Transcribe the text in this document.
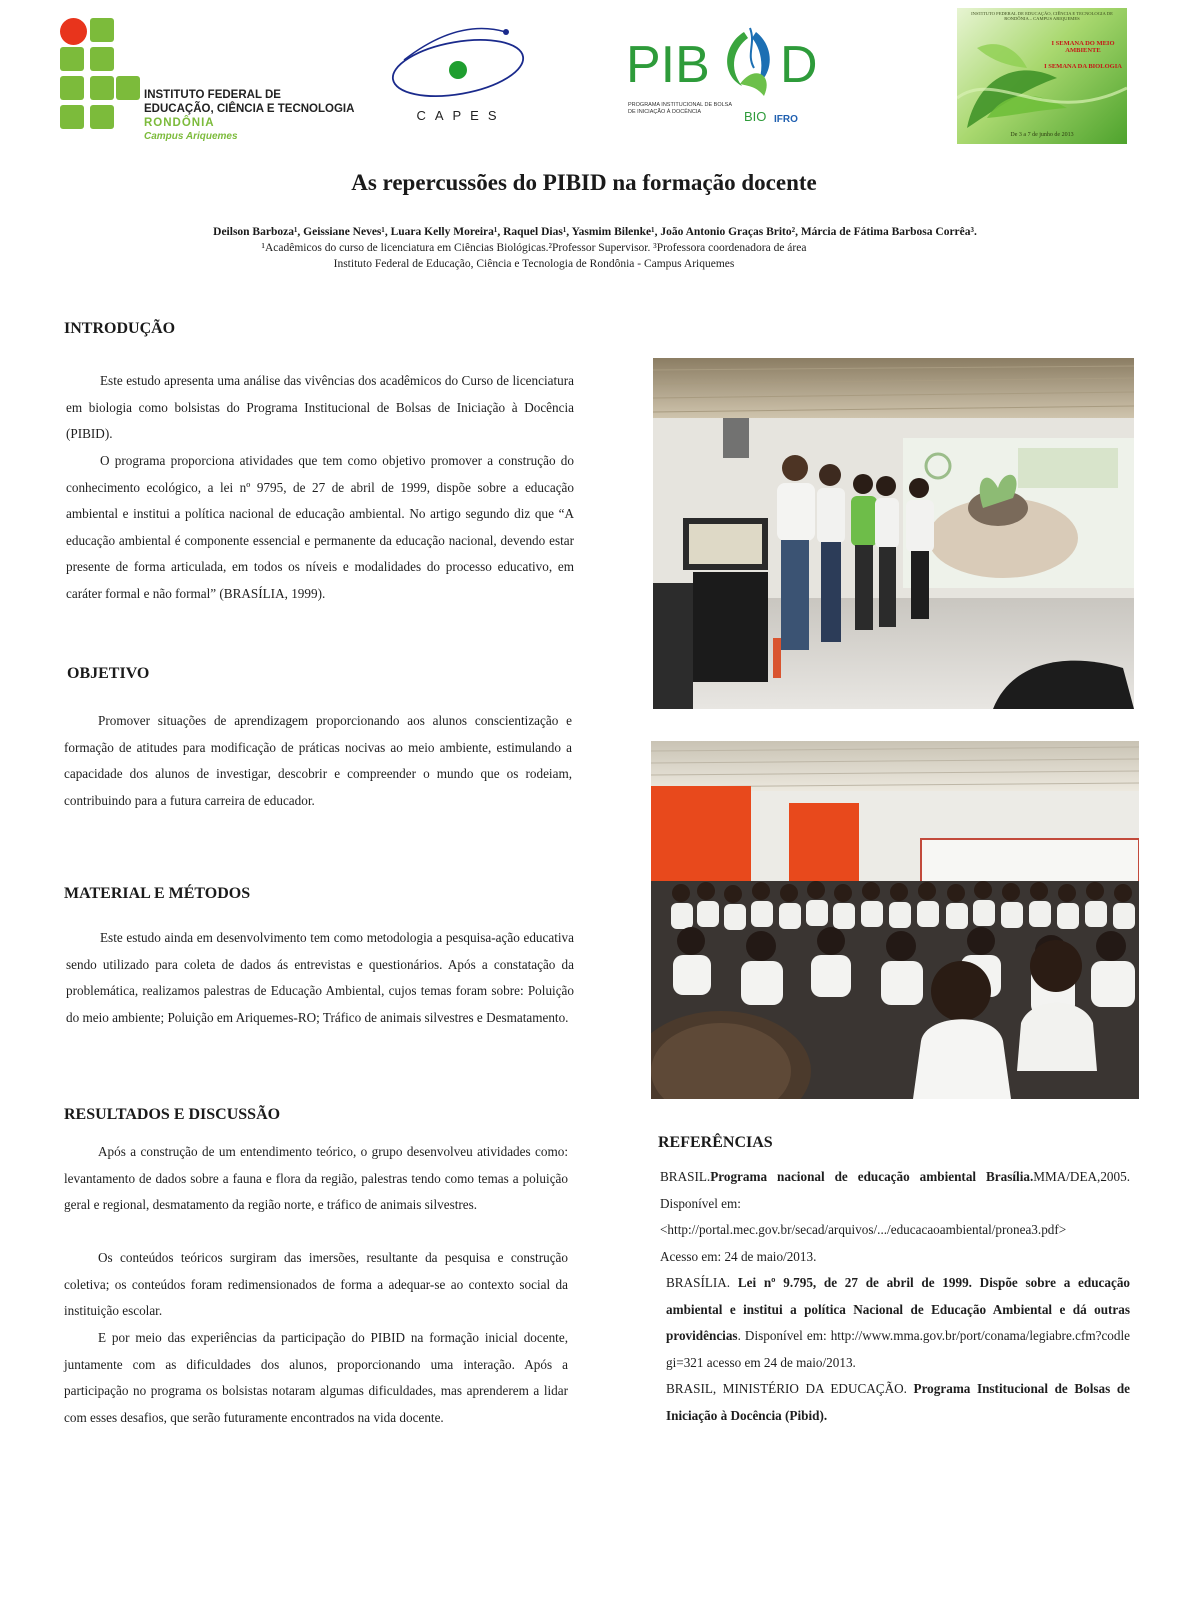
INSTITUTO FEDERAL DE
EDUCAÇÃO, CIÊNCIA E TECNOLOGIA
RONDÔNIA
Campus Ariquemes
CAPES
PIB D
PROGRAMA INSTITUCIONAL DE BOLSA DE INICIAÇÃO À DOCÊNCIA	BIO IFRO
INSTITUTO FEDERAL DE EDUCAÇÃO, CIÊNCIA E TECNOLOGIA DE RONDÔNIA – CAMPUS ARIQUEMES
I SEMANA DO MEIO AMBIENTE
I SEMANA DA BIOLOGIA
De 3 a 7 de junho de 2013
As repercussões do PIBID na formação docente
Deilson Barboza¹, Geissiane Neves¹, Luara Kelly Moreira¹, Raquel Dias¹, Yasmim Bilenke¹, João Antonio Graças Brito², Márcia de Fátima Barbosa Corrêa³.
¹Acadêmicos do curso de licenciatura em Ciências Biológicas.²Professor Supervisor. ³Professora coordenadora de área
Instituto Federal de Educação, Ciência e Tecnologia de Rondônia - Campus Ariquemes
INTRODUÇÃO
Este estudo apresenta uma análise das vivências dos acadêmicos do Curso de licenciatura em biologia como bolsistas do Programa Institucional de Bolsas de Iniciação à Docência (PIBID).
O programa proporciona atividades que tem como objetivo promover a construção do conhecimento ecológico, a lei nº 9795, de 27 de abril de 1999, dispõe sobre a educação ambiental e institui a política nacional de educação ambiental. No artigo segundo diz que “A educação ambiental é componente essencial e permanente da educação nacional, devendo estar presente de forma articulada, em todos os níveis e modalidades do processo educativo, em caráter formal e não formal” (BRASÍLIA, 1999).
OBJETIVO
Promover situações de aprendizagem proporcionando aos alunos conscientização e formação de atitudes para modificação de práticas nocivas ao meio ambiente, estimulando a capacidade dos alunos de investigar, descobrir e compreender o mundo que os rodeiam, contribuindo para a futura carreira de educador.
MATERIAL E MÉTODOS
Este estudo ainda em desenvolvimento tem como metodologia a pesquisa-ação educativa sendo utilizado para coleta de dados ás entrevistas e questionários. Após a constatação da problemática, realizamos palestras de Educação Ambiental, cujos temas foram sobre: Poluição do meio ambiente; Poluição em Ariquemes-RO; Tráfico de animais silvestres e Desmatamento.
RESULTADOS E DISCUSSÃO
Após a construção de um entendimento teórico, o grupo desenvolveu atividades como: levantamento de dados sobre a fauna e flora da região, palestras tendo como temas a poluição geral e regional, desmatamento da região norte, e tráfico de animais silvestres.
Os conteúdos teóricos surgiram das imersões, resultante da pesquisa e construção coletiva; os conteúdos foram redimensionados de forma a adequar-se ao contexto social da instituição escolar.
E por meio das experiências da participação do PIBID na formação inicial docente, juntamente com as dificuldades dos alunos, proporcionando uma interação. Após a participação no programa os bolsistas notaram algumas dificuldades, mas aprenderem a lidar com esses desafios, que serão futuramente encontrados na vida docente.
REFERÊNCIAS

BRASIL.Programa nacional de educação ambiental Brasília.MMA/DEA,2005. Disponível em:
<http://portal.mec.gov.br/secad/arquivos/.../educacaoambiental/pronea3.pdf>
Acesso em: 24 de maio/2013.

BRASÍLIA. Lei nº 9.795, de 27 de abril de 1999. Dispõe sobre a educação ambiental e institui a política Nacional de Educação Ambiental e dá outras providências. Disponível em: http://www.mma.gov.br/port/conama/legiabre.cfm?codlegi=321 acesso em 24 de maio/2013.

BRASIL, MINISTÉRIO DA EDUCAÇÃO. Programa Institucional de Bolsas de Iniciação à Docência (Pibid).
